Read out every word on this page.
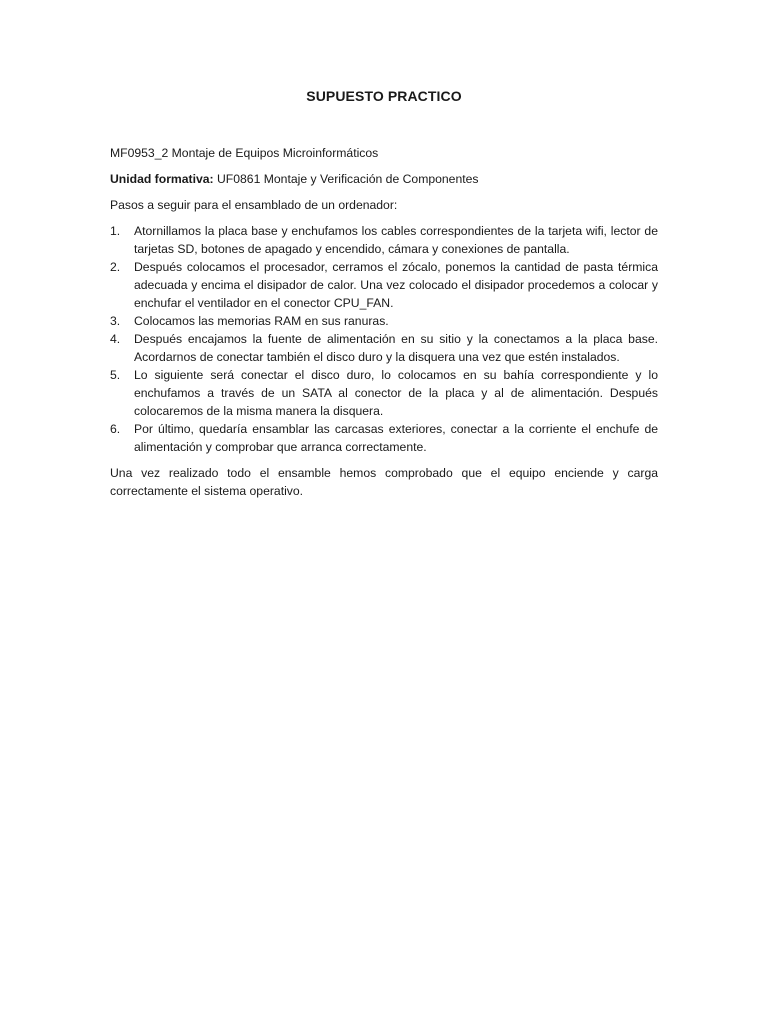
SUPUESTO PRACTICO

MF0953_2 Montaje de Equipos Microinformáticos

Unidad formativa: UF0861 Montaje y Verificación de Componentes

Pasos a seguir para el ensamblado de un ordenador:

1. Atornillamos la placa base y enchufamos los cables correspondientes de la tarjeta wifi, lector de tarjetas SD, botones de apagado y encendido, cámara y conexiones de pantalla.
2. Después colocamos el procesador, cerramos el zócalo, ponemos la cantidad de pasta térmica adecuada y encima el disipador de calor. Una vez colocado el disipador procedemos a colocar y enchufar el ventilador en el conector CPU_FAN.
3. Colocamos las memorias RAM en sus ranuras.
4. Después encajamos la fuente de alimentación en su sitio y la conectamos a la placa base. Acordarnos de conectar también el disco duro y la disquera una vez que estén instalados.
5. Lo siguiente será conectar el disco duro, lo colocamos en su bahía correspondiente y lo enchufamos a través de un SATA al conector de la placa y al de alimentación. Después colocaremos de la misma manera la disquera.
6. Por último, quedaría ensamblar las carcasas exteriores, conectar a la corriente el enchufe de alimentación y comprobar que arranca correctamente.

Una vez realizado todo el ensamble hemos comprobado que el equipo enciende y carga correctamente el sistema operativo.
